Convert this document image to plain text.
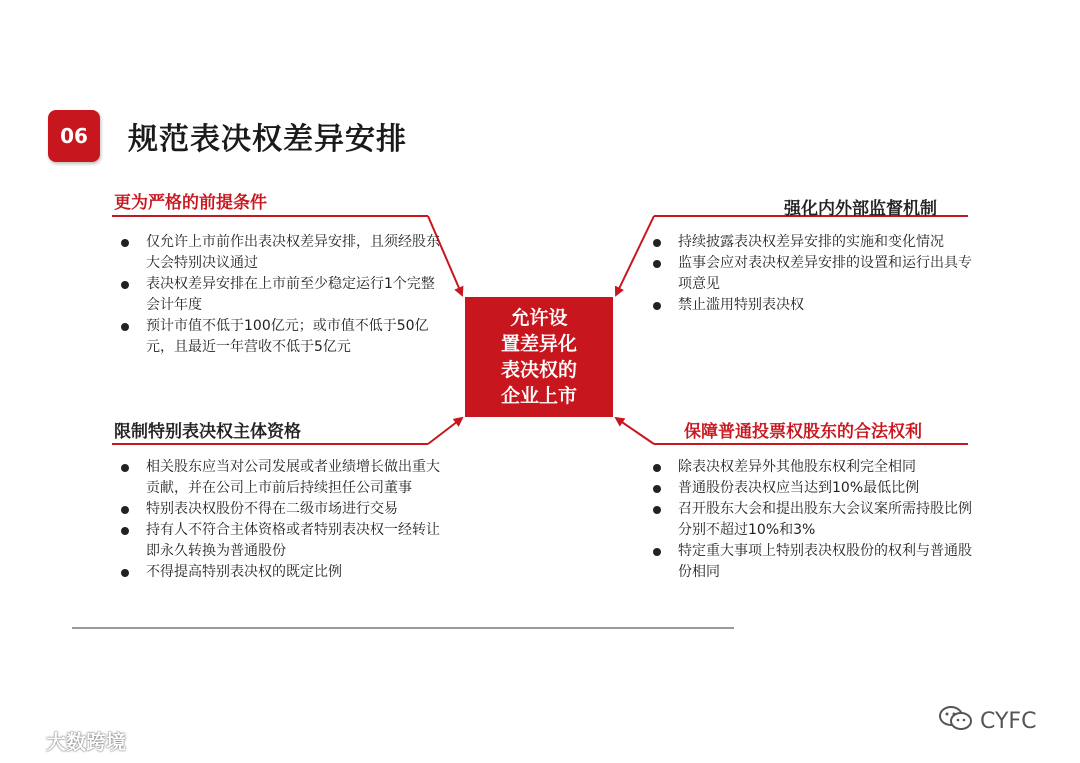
06	规范表决权差异安排
更为严格的前提条件
仅允许上市前作出表决权差异安排，且须经股东大会特别决议通过
表决权差异安排在上市前至少稳定运行1个完整会计年度
预计市值不低于100亿元；或市值不低于50亿元，且最近一年营收不低于5亿元
强化内外部监督机制
持续披露表决权差异安排的实施和变化情况
监事会应对表决权差异安排的设置和运行出具专项意见
禁止滥用特别表决权
允许设
置差异化
表决权的
企业上市
限制特别表决权主体资格
相关股东应当对公司发展或者业绩增长做出重大贡献，并在公司上市前后持续担任公司董事
特别表决权股份不得在二级市场进行交易
持有人不符合主体资格或者特别表决权一经转让即永久转换为普通股份
不得提高特别表决权的既定比例
保障普通投票权股东的合法权利
除表决权差异外其他股东权利完全相同
普通股份表决权应当达到10%最低比例
召开股东大会和提出股东大会议案所需持股比例分别不超过10%和3%
特定重大事项上特别表决权股份的权利与普通股份相同
大数跨境
CYFC
